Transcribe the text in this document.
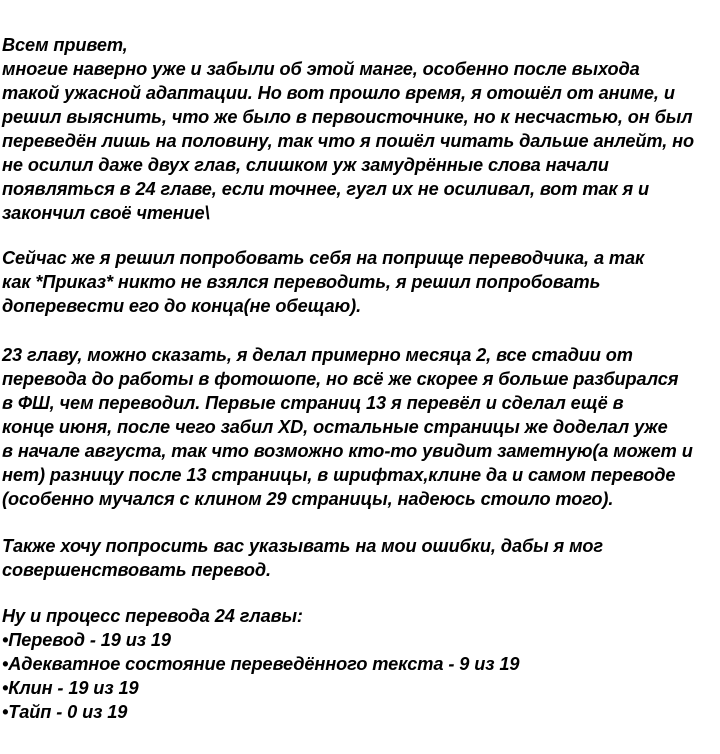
Всем привет,
многие наверно уже и забыли об этой манге, особенно после выхода
такой ужасной адаптации. Но вот прошло время, я отошёл от аниме, и
решил выяснить, что же было в первоисточнике, но к несчастью, он был
переведён лишь на половину, так что я пошёл читать дальше анлейт, но
не осилил даже двух глав, слишком уж замудрённые слова начали
появляться в 24 главе, если точнее, гугл их не осиливал, вот так я и
закончил своё чтение\
Сейчас же я решил попробовать себя на поприще переводчика, а так
как *Приказ* никто не взялся переводить, я решил попробовать
доперевести его до конца(не обещаю).
23 главу, можно сказать, я делал примерно месяца 2, все стадии от
перевода до работы в фотошопе, но всё же скорее я больше разбирался
в ФШ, чем переводил. Первые страниц 13 я перевёл и сделал ещё в
конце июня, после чего забил XD, остальные страницы же доделал уже
в начале августа, так что возможно кто-то увидит заметную(а может и
нет) разницу после 13 страницы, в шрифтах,клине да и самом переводе
(особенно мучался с клином 29 страницы, надеюсь стоило того).
Также хочу попросить вас указывать на мои ошибки, дабы я мог
совершенствовать перевод.
Ну и процесс перевода 24 главы:
•Перевод - 19 из 19
•Адекватное состояние переведённого текста - 9 из 19
•Клин - 19 из 19
•Тайп - 0 из 19
